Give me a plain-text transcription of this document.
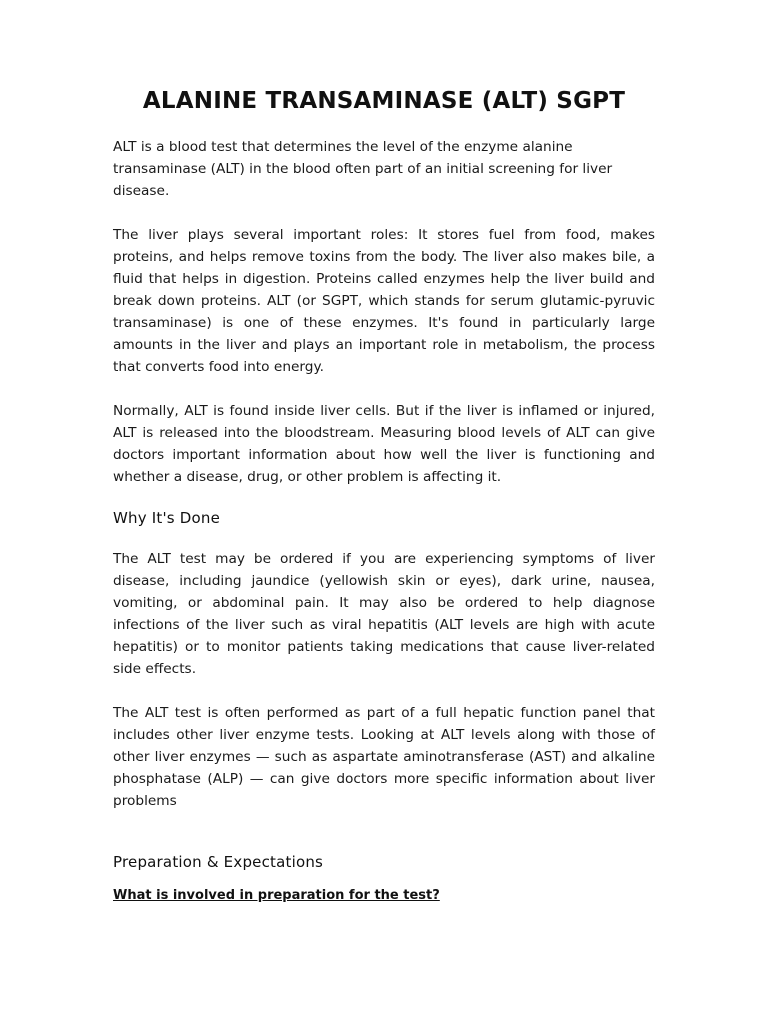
ALANINE TRANSAMINASE (ALT) SGPT

ALT is a blood test that determines the level of the enzyme alanine transaminase (ALT) in the blood often part of an initial screening for liver disease.

The liver plays several important roles: It stores fuel from food, makes proteins, and helps remove toxins from the body. The liver also makes bile, a fluid that helps in digestion. Proteins called enzymes help the liver build and break down proteins. ALT (or SGPT, which stands for serum glutamic-pyruvic transaminase) is one of these enzymes. It's found in particularly large amounts in the liver and plays an important role in metabolism, the process that converts food into energy.

Normally, ALT is found inside liver cells. But if the liver is inflamed or injured, ALT is released into the bloodstream. Measuring blood levels of ALT can give doctors important information about how well the liver is functioning and whether a disease, drug, or other problem is affecting it.

Why It's Done

The ALT test may be ordered if you are experiencing symptoms of liver disease, including jaundice (yellowish skin or eyes), dark urine, nausea, vomiting, or abdominal pain. It may also be ordered to help diagnose infections of the liver such as viral hepatitis (ALT levels are high with acute hepatitis) or to monitor patients taking medications that cause liver-related side effects.

The ALT test is often performed as part of a full hepatic function panel that includes other liver enzyme tests. Looking at ALT levels along with those of other liver enzymes — such as aspartate aminotransferase (AST) and alkaline phosphatase (ALP) — can give doctors more specific information about liver problems

Preparation & Expectations

What is involved in preparation for the test?
